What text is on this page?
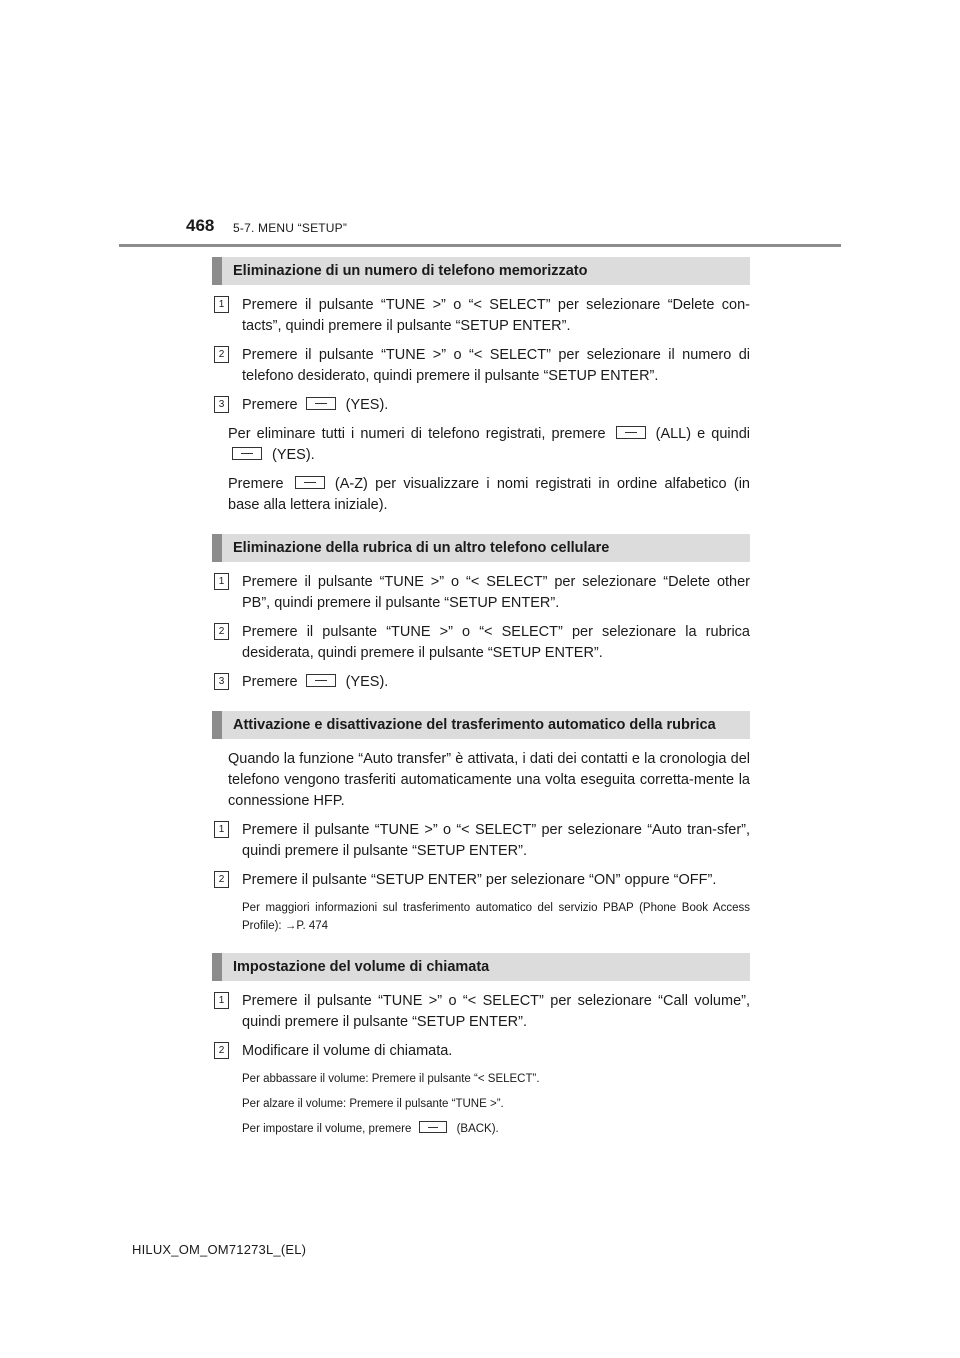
468 5-7. MENU “SETUP”
Eliminazione di un numero di telefono memorizzato
1	Premere il pulsante “TUNE >” o “< SELECT” per selezionare “Delete con-tacts”, quindi premere il pulsante “SETUP ENTER”.

2	Premere il pulsante “TUNE >” o “< SELECT” per selezionare il numero di telefono desiderato, quindi premere il pulsante “SETUP ENTER”.

3	Premere	(YES).

Per eliminare tutti i numeri di telefono registrati, premere	(ALL) e quindi (YES).

Premere	(A-Z) per visualizzare i nomi registrati in ordine alfabetico (in base alla lettera iniziale).

Eliminazione della rubrica di un altro telefono cellulare
1	Premere il pulsante “TUNE >” o “< SELECT” per selezionare “Delete other PB”, quindi premere il pulsante “SETUP ENTER”.

2	Premere il pulsante “TUNE >” o “< SELECT” per selezionare la rubrica desiderata, quindi premere il pulsante “SETUP ENTER”.

3	Premere	(YES).

Attivazione e disattivazione del trasferimento automatico della rubrica

Quando la funzione “Auto transfer” è attivata, i dati dei contatti e la cronologia del telefono vengono trasferiti automaticamente una volta eseguita corretta-mente la connessione HFP.

1	Premere il pulsante “TUNE >” o “< SELECT” per selezionare “Auto tran-sfer”, quindi premere il pulsante “SETUP ENTER”.

2	Premere il pulsante “SETUP ENTER” per selezionare “ON” oppure “OFF”.

Per maggiori informazioni sul trasferimento automatico del servizio PBAP (Phone Book Access Profile): →P. 474

Impostazione del volume di chiamata
1	Premere il pulsante “TUNE >” o “< SELECT” per selezionare “Call volume”, quindi premere il pulsante “SETUP ENTER”.

2	Modificare il volume di chiamata.

Per abbassare il volume: Premere il pulsante “< SELECT”.

Per alzare il volume: Premere il pulsante “TUNE >”.

Per impostare il volume, premere	(BACK).

HILUX_OM_OM71273L_(EL)
